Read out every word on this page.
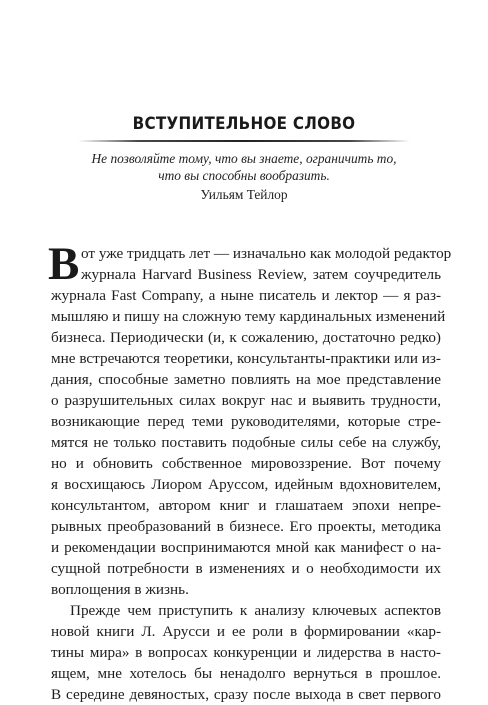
ВСТУПИТЕЛЬНОЕ СЛОВО
Не позволяйте тому, что вы знаете, ограничить то,
что вы способны вообразить.
Уильям Тейлор
В от уже тридцать лет — изначально как молодой редактор
журнала Harvard Business Review, затем соучредитель
журнала Fast Company, а ныне писатель и лектор — я раз-
мышляю и пишу на сложную тему кардинальных изменений
бизнеса. Периодически (и, к сожалению, достаточно редко)
мне встречаются теоретики, консультанты-практики или из-
дания, способные заметно повлиять на мое представление
о разрушительных силах вокруг нас и выявить трудности,
возникающие перед теми руководителями, которые стре-
мятся не только поставить подобные силы себе на службу,
но и обновить собственное мировоззрение. Вот почему
я восхищаюсь Лиором Аруссом, идейным вдохновителем,
консультантом, автором книг и глашатаем эпохи непре-
рывных преобразований в бизнесе. Его проекты, методика
и рекомендации воспринимаются мной как манифест о на-
сущной потребности в изменениях и о необходимости их
воплощения в жизнь.
Прежде чем приступить к анализу ключевых аспектов
новой книги Л. Арусси и ее роли в формировании «кар-
тины мира» в вопросах конкуренции и лидерства в насто-
ящем, мне хотелось бы ненадолго вернуться в прошлое.
В середине девяностых, сразу после выхода в свет первого
